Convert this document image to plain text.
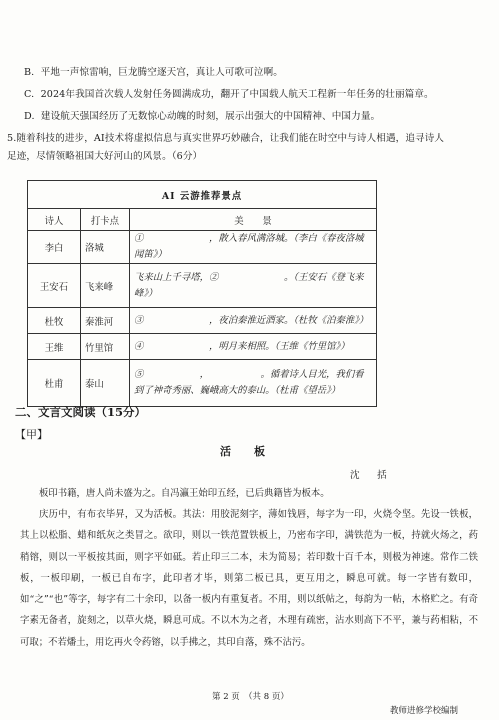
B. 平地一声惊雷响，巨龙腾空逐天宫，真让人可歌可泣啊。
C. 2024年我国首次载人发射任务圆满成功，翻开了中国载人航天工程新一年任务的壮丽篇章。
D. 建设航天强国经历了无数惊心动魄的时刻，展示出强大的中国精神、中国力量。
5.随着科技的进步，AI技术将虚拟信息与真实世界巧妙融合，让我们能在时空中与诗人相遇，追寻诗人
足迹，尽情领略祖国大好河山的风景。（6分）
AI 云游推荐景点		
诗人	打卡点	美　　景
李白	洛城	①　　　　　　　，散入春风满洛城。（李白《春夜洛城闻笛》）
王安石	飞来峰	飞来山上千寻塔，②　　　　　　　。（王安石《登飞来峰》）
杜牧	秦淮河	③　　　　　　　，夜泊秦淮近酒家。（杜牧《泊秦淮》）
王维	竹里馆	④　　　　　　　，明月来相照。（王维《竹里馆》）
杜甫	泰山	⑤　　　　　　，　　　　　　。循着诗人目光，我们看到了神奇秀丽、巍峨高大的泰山。（杜甫《望岳》）
二、文言文阅读（15分）
【甲】
活　板
沈　括
板印书籍，唐人尚未盛为之。自冯瀛王始印五经，已后典籍皆为板本。
庆历中，有布衣毕昇，又为活板。其法：用胶泥刻字，薄如钱唇，每字为一印，火烧令坚。先设一铁板，其上以松脂、蜡和纸灰之类冒之。欲印，则以一铁范置铁板上，乃密布字印，满铁范为一板，持就火炀之，药稍镕，则以一平板按其面，则字平如砥。若止印三二本，未为简易；若印数十百千本，则极为神速。常作二铁板，一板印刷，一板已自布字，此印者才毕，则第二板已具，更互用之，瞬息可就。每一字皆有数印，如“之”“也”等字，每字有二十余印，以备一板内有重复者。不用，则以纸帖之，每韵为一帖，木格贮之。有奇字素无备者，旋刻之，以草火烧，瞬息可成。不以木为之者，木理有疏密，沾水则高下不平，兼与药相粘，不可取；不若燔土，用讫再火令药镕，以手拂之，其印自落，殊不沾污。
第 2 页　（共 8 页）
教师进修学校编制
